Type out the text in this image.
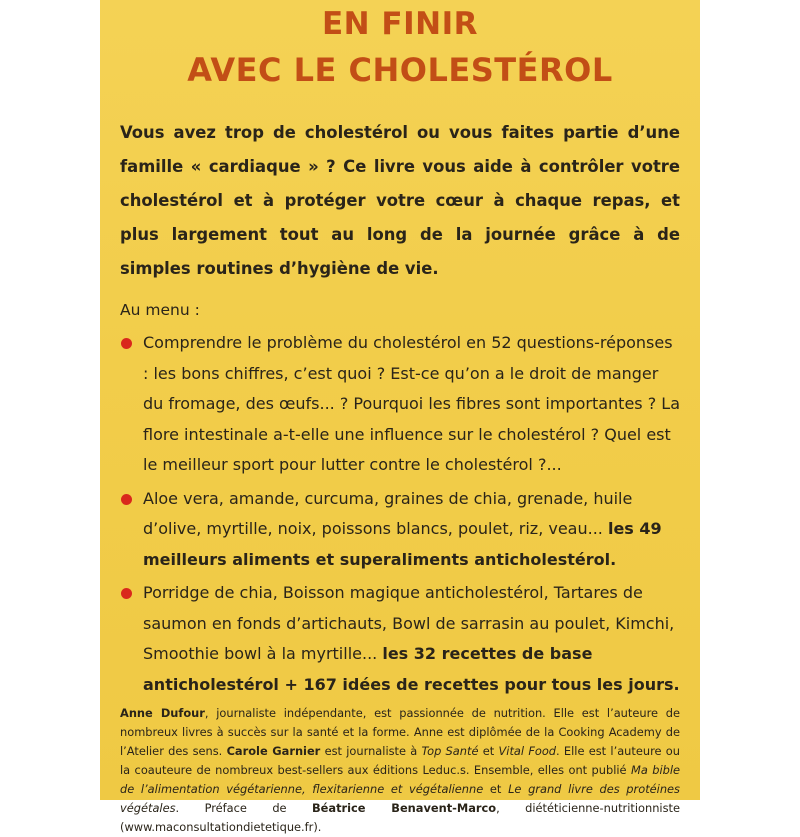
EN FINIR
AVEC LE CHOLESTÉROL

Vous avez trop de cholestérol ou vous faites partie d’une famille « cardiaque » ? Ce livre vous aide à contrôler votre cholestérol et à protéger votre cœur à chaque repas, et plus largement tout au long de la journée grâce à de simples routines d’hygiène de vie.

Au menu :
Comprendre le problème du cholestérol en 52 questions-réponses : les bons chiffres, c’est quoi ? Est-ce qu’on a le droit de manger du fromage, des œufs... ? Pourquoi les fibres sont importantes ? La flore intestinale a-t-elle une influence sur le cholestérol ? Quel est le meilleur sport pour lutter contre le cholestérol ?...
Aloe vera, amande, curcuma, graines de chia, grenade, huile d’olive, myrtille, noix, poissons blancs, poulet, riz, veau... les 49 meilleurs aliments et superaliments anticholestérol.
Porridge de chia, Boisson magique anticholestérol, Tartares de saumon en fonds d’artichauts, Bowl de sarrasin au poulet, Kimchi, Smoothie bowl à la myrtille... les 32 recettes de base anticholestérol + 167 idées de recettes pour tous les jours.

Anne Dufour, journaliste indépendante, est passionnée de nutrition. Elle est l’auteure de nombreux livres à succès sur la santé et la forme. Anne est diplômée de la Cooking Academy de l’Atelier des sens. Carole Garnier est journaliste à Top Santé et Vital Food. Elle est l’auteure ou la coauteure de nombreux best-sellers aux éditions Leduc.s. Ensemble, elles ont publié Ma bible de l’alimentation végétarienne, flexitarienne et végétalienne et Le grand livre des protéines végétales. Préface de Béatrice Benavent-Marco, diététicienne-nutritionniste (www.maconsultationdietetique.fr).
